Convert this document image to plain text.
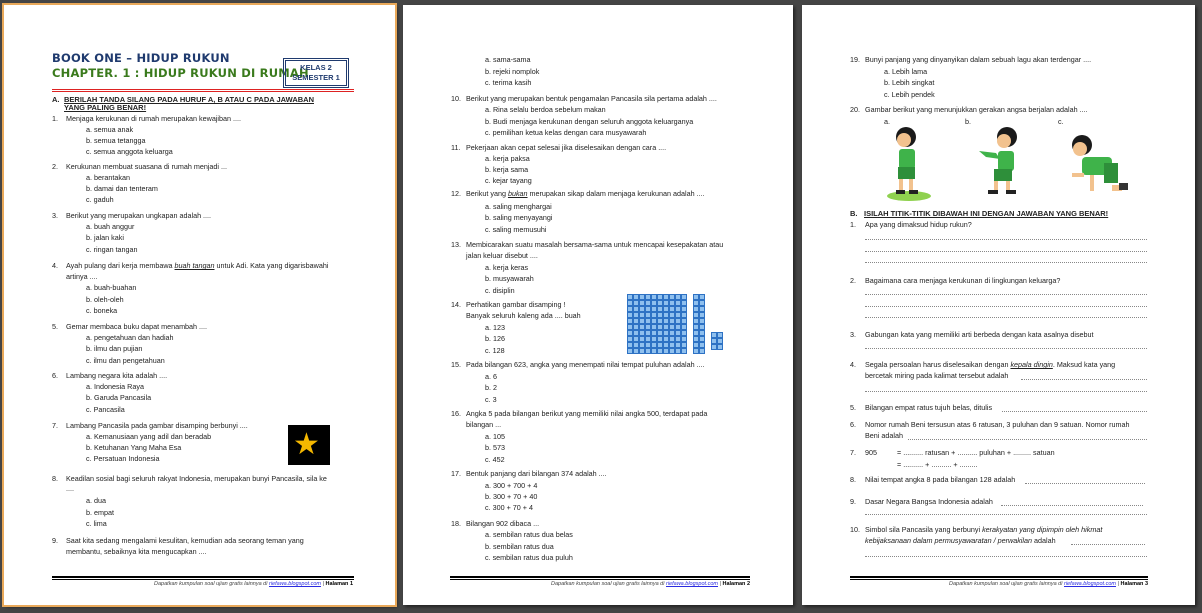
BOOK ONE – HIDUP RUKUN
CHAPTER. 1 : HIDUP RUKUN DI RUMAH
KELAS 2
SEMESTER 1
A. BERILAH TANDA SILANG PADA HURUF A, B ATAU C PADA JAWABAN
YANG PALING BENAR!
1. Menjaga kerukunan di rumah merupakan kewajiban ....
a. semua anak
b. semua tetangga
c. semua anggota keluarga
2. Kerukunan membuat suasana di rumah menjadi ...
a. berantakan
b. damai dan tenteram
c. gaduh
3. Berikut yang merupakan ungkapan adalah ....
a. buah anggur
b. jalan kaki
c. ringan tangan
4. Ayah pulang dari kerja membawa buah tangan untuk Adi. Kata yang digarisbawahi
artinya ....
a. buah-buahan
b. oleh-oleh
c. boneka
5. Gemar membaca buku dapat menambah ....
a. pengetahuan dan hadiah
b. ilmu dan pujian
c. ilmu dan pengetahuan
6. Lambang negara kita adalah ....
a. Indonesia Raya
b. Garuda Pancasila
c. Pancasila
7. Lambang Pancasila pada gambar disamping berbunyi ....
a. Kemanusiaan yang adil dan beradab
b. Ketuhanan Yang Maha Esa
c. Persatuan Indonesia	★
8. Keadilan sosial bagi seluruh rakyat Indonesia, merupakan bunyi Pancasila, sila ke
....
a. dua
b. empat
c. lima
9. Saat kita sedang mengalami kesulitan, kemudian ada seorang teman yang
membantu, sebaiknya kita mengucapkan ....
Dapatkan kumpulan soal ujian gratis lainnya di riefawa.blogspot.com | Halaman 1
a. sama-sama
b. rejeki nomplok
c. terima kasih
10. Berikut yang merupakan bentuk pengamalan Pancasila sila pertama adalah ....
a. Rina selalu berdoa sebelum makan
b. Budi menjaga kerukunan dengan seluruh anggota keluarganya
c. pemilihan ketua kelas dengan cara musyawarah
11. Pekerjaan akan cepat selesai jika diselesaikan dengan cara ....
a. kerja paksa
b. kerja sama
c. kejar tayang
12. Berikut yang bukan merupakan sikap dalam menjaga kerukunan adalah ....
a. saling menghargai
b. saling menyayangi
c. saling memusuhi
13. Membicarakan suatu masalah bersama-sama untuk mencapai kesepakatan atau
jalan keluar disebut ....
a. kerja keras
b. musyawarah
c. disiplin
14. Perhatikan gambar disamping !
Banyak seluruh kaleng ada .... buah
a. 123
b. 126
c. 128
15. Pada bilangan 623, angka yang menempati nilai tempat puluhan adalah ....
a. 6
b. 2
c. 3
16. Angka 5 pada bilangan berikut yang memiliki nilai angka 500, terdapat pada
bilangan ...
a. 105
b. 573
c. 452
17. Bentuk panjang dari bilangan 374 adalah ....
a. 300 + 700 + 4
b. 300 + 70 + 40
c. 300 + 70 + 4
18. Bilangan 902 dibaca ...
a. sembilan ratus dua belas
b. sembilan ratus dua
c. sembilan ratus dua puluh
Dapatkan kumpulan soal ujian gratis lainnya di riefawa.blogspot.com | Halaman 2
19. Bunyi panjang yang dinyanyikan dalam sebuah lagu akan terdengar ....
a. Lebih lama
b. Lebih singkat
c. Lebih pendek
20. Gambar berikut yang menunjukkan gerakan angsa berjalan adalah ....
a.	b.	c.
B. ISILAH TITIK-TITIK DIBAWAH INI DENGAN JAWABAN YANG BENAR!
1. Apa yang dimaksud hidup rukun?
2. Bagaimana cara menjaga kerukunan di lingkungan keluarga?
3. Gabungan kata yang memiliki arti berbeda dengan kata asalnya disebut
4. Segala persoalan harus diselesaikan dengan kepala dingin. Maksud kata yang
bercetak miring pada kalimat tersebut adalah
5. Bilangan empat ratus tujuh belas, ditulis
6. Nomor rumah Beni tersusun atas 6 ratusan, 3 puluhan dan 9 satuan. Nomor rumah
Beni adalah
7. 905	= .......... ratusan + .......... puluhan + ......... satuan
= .......... + .......... + .........
8. Nilai tempat angka 8 pada bilangan 128 adalah
9. Dasar Negara Bangsa Indonesia adalah
10. Simbol sila Pancasila yang berbunyi kerakyatan yang dipimpin oleh hikmat
kebijaksanaan dalam permusyawaratan / perwakilan adalah
Dapatkan kumpulan soal ujian gratis lainnya di riefawa.blogspot.com | Halaman 3
